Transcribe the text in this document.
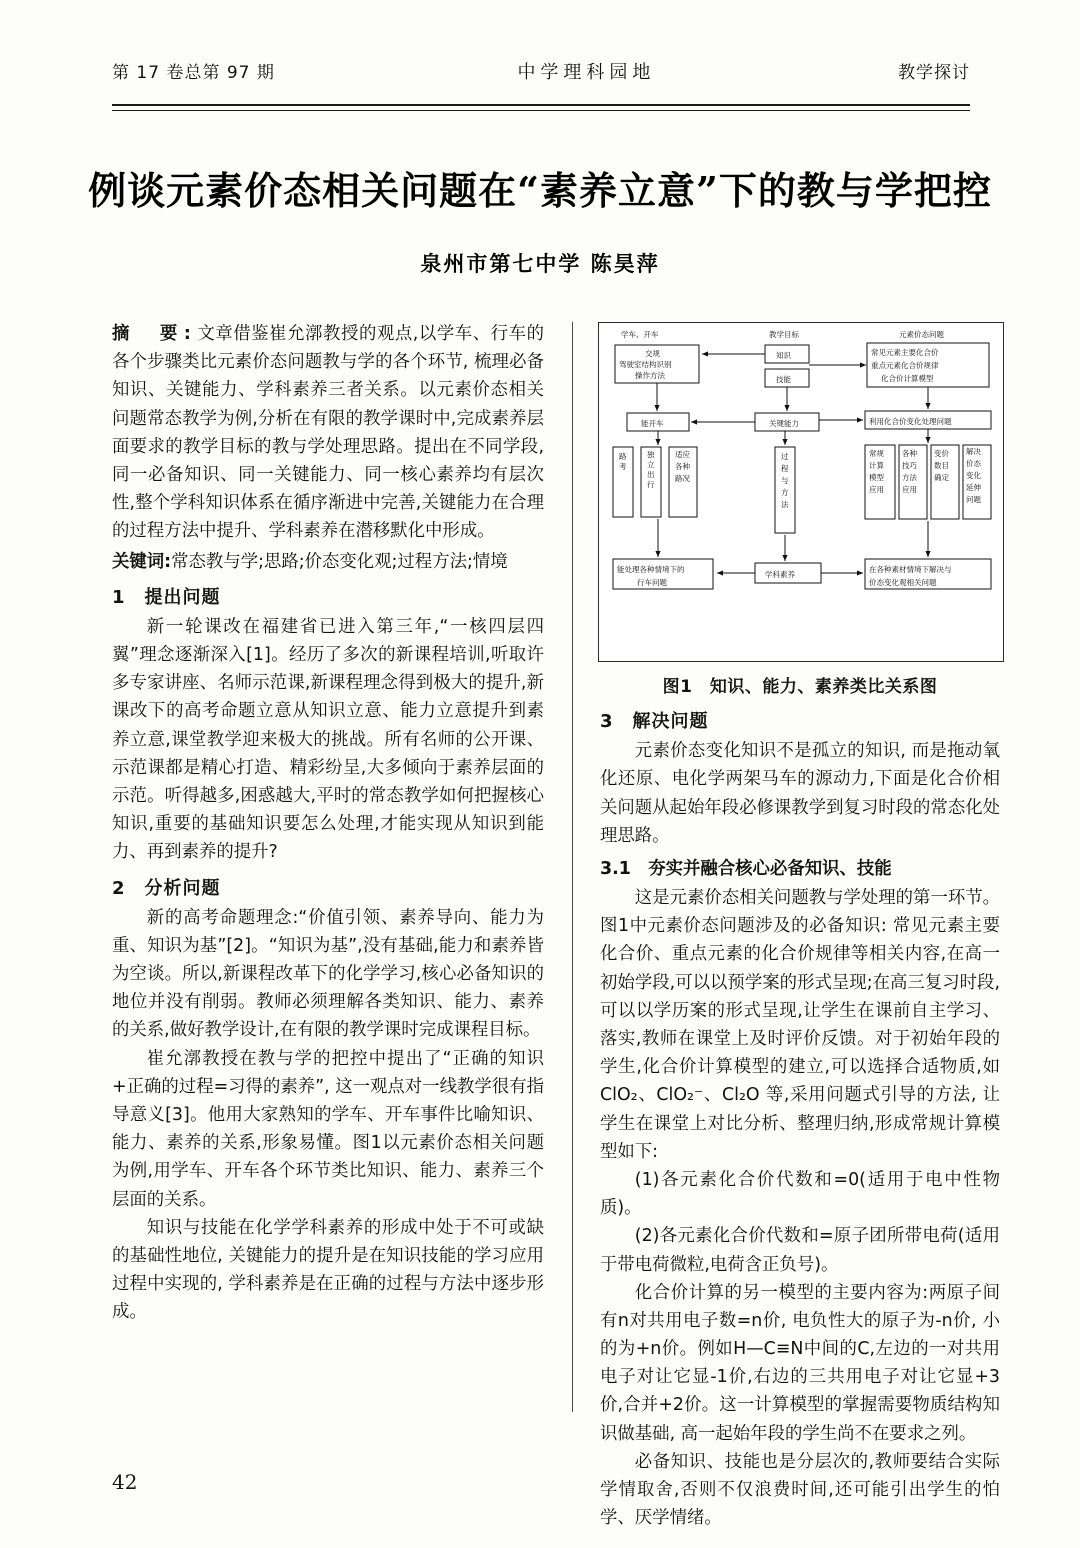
第 17 卷总第 97 期	中学理科园地	教学探讨
例谈元素价态相关问题在“素养立意”下的教与学把控
泉州市第七中学 陈昊萍

摘　要:文章借鉴崔允漷教授的观点,以学车、行车的各个步骤类比元素价态问题教与学的各个环节, 梳理必备知识、关键能力、学科素养三者关系。以元素价态相关问题常态教学为例,分析在有限的教学课时中,完成素养层面要求的教学目标的教与学处理思路。提出在不同学段,同一必备知识、同一关键能力、同一核心素养均有层次性,整个学科知识体系在循序渐进中完善,关键能力在合理的过程方法中提升、学科素养在潜移默化中形成。

关键词:常态教与学;思路;价态变化观;过程方法;情境

1　提出问题

新一轮课改在福建省已进入第三年,“一核四层四翼”理念逐渐深入[1]。经历了多次的新课程培训,听取许多专家讲座、名师示范课,新课程理念得到极大的提升,新课改下的高考命题立意从知识立意、能力立意提升到素养立意,课堂教学迎来极大的挑战。所有名师的公开课、示范课都是精心打造、精彩纷呈,大多倾向于素养层面的示范。听得越多,困惑越大,平时的常态教学如何把握核心知识,重要的基础知识要怎么处理,才能实现从知识到能力、再到素养的提升?

2　分析问题

新的高考命题理念:“价值引领、素养导向、能力为重、知识为基”[2]。“知识为基”,没有基础,能力和素养皆为空谈。所以,新课程改革下的化学学习,核心必备知识的地位并没有削弱。教师必须理解各类知识、能力、素养的关系,做好教学设计,在有限的教学课时完成课程目标。

崔允漷教授在教与学的把控中提出了“正确的知识+正确的过程=习得的素养”, 这一观点对一线教学很有指导意义[3]。他用大家熟知的学车、开车事件比喻知识、能力、素养的关系,形象易懂。图1以元素价态相关问题为例,用学车、开车各个环节类比知识、能力、素养三个层面的关系。

知识与技能在化学学科素养的形成中处于不可或缺的基础性地位, 关键能力的提升是在知识技能的学习应用过程中实现的, 学科素养是在正确的过程与方法中逐步形成。

学车、开车	教学目标	元素价态问题
交规
驾驶室结构识别
操作方法
知识
技能
常见元素主要化合价
重点元素化合价规律
化合价计算模型
能开车	关键能力	利用化合价变化处理问题
路
考
独
立
出
行
适应
各种
路况
过
程
与
方
法
常规
计算
模型
应用
各种
技巧
方法
应用
变价
数目
确定
解决
价态
变化
延伸
问题
能处理各种情境下的
行车问题
学科素养
在各种素材情境下解决与
价态变化观相关问题
图1　知识、能力、素养类比关系图
3　解决问题

元素价态变化知识不是孤立的知识, 而是拖动氧化还原、电化学两架马车的源动力,下面是化合价相关问题从起始年段必修课教学到复习时段的常态化处理思路。

3.1　夯实并融合核心必备知识、技能

这是元素价态相关问题教与学处理的第一环节。图1中元素价态问题涉及的必备知识: 常见元素主要化合价、重点元素的化合价规律等相关内容,在高一初始学段,可以以预学案的形式呈现;在高三复习时段,可以以学历案的形式呈现,让学生在课前自主学习、落实,教师在课堂上及时评价反馈。对于初始年段的学生,化合价计算模型的建立,可以选择合适物质,如 ClO₂、ClO₂⁻、Cl₂O 等,采用问题式引导的方法, 让学生在课堂上对比分析、整理归纳,形成常规计算模型如下:

(1)各元素化合价代数和=0(适用于电中性物质)。

(2)各元素化合价代数和=原子团所带电荷(适用于带电荷微粒,电荷含正负号)。

化合价计算的另一模型的主要内容为:两原子间有n对共用电子数=n价, 电负性大的原子为-n价, 小的为+n价。例如H—C≡N中间的C,左边的一对共用电子对让它显-1价,右边的三共用电子对让它显+3价,合并+2价。这一计算模型的掌握需要物质结构知识做基础, 高一起始年段的学生尚不在要求之列。

必备知识、技能也是分层次的,教师要结合实际学情取舍,否则不仅浪费时间,还可能引出学生的怕学、厌学情绪。

42
